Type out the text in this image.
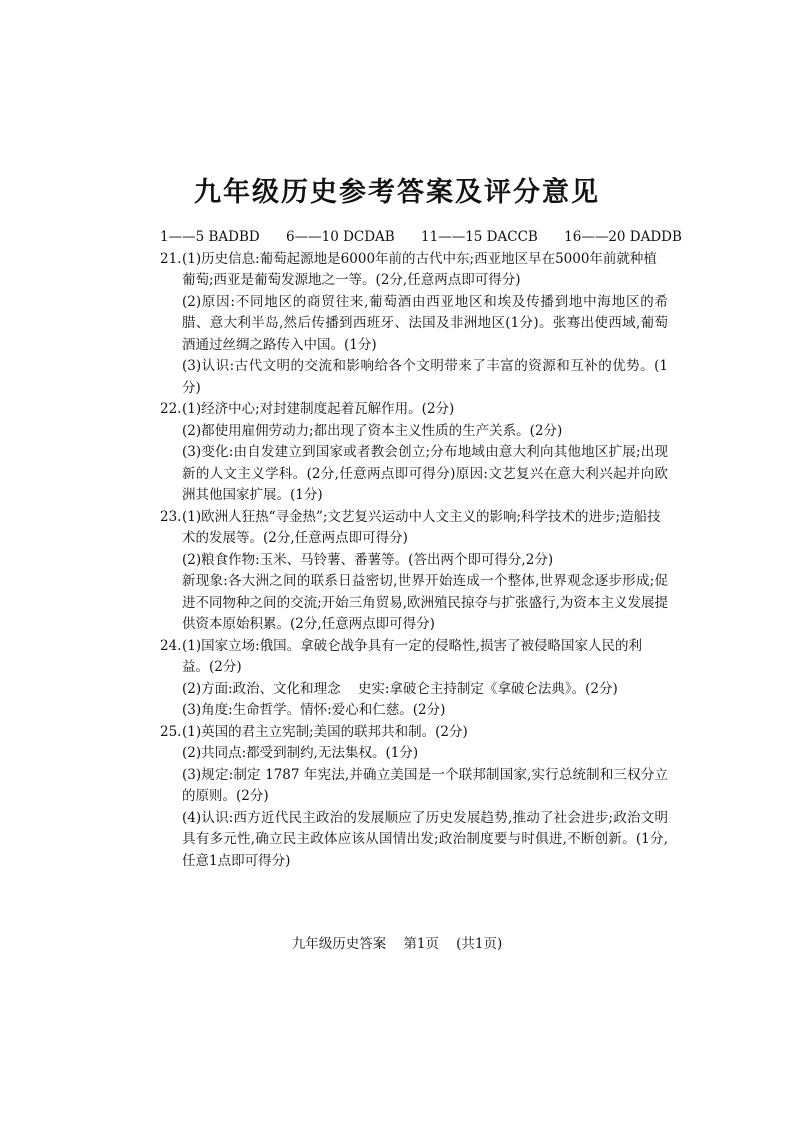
九年级历史参考答案及评分意见

1——5 BADBD 6——10 DCDAB 11——15 DACCB 16——20 DADDB

21. (1)历史信息:葡萄起源地是6000年前的古代中东;西亚地区早在5000年前就种植葡萄;西亚是葡萄发源地之一等。(2分,任意两点即可得分)

(2)原因:不同地区的商贸往来,葡萄酒由西亚地区和埃及传播到地中海地区的希腊、意大利半岛,然后传播到西班牙、法国及非洲地区(1分)。张骞出使西域,葡萄酒通过丝绸之路传入中国。(1分)

(3)认识:古代文明的交流和影响给各个文明带来了丰富的资源和互补的优势。(1分)

22. (1)经济中心;对封建制度起着瓦解作用。(2分)

(2)都使用雇佣劳动力;都出现了资本主义性质的生产关系。(2分)

(3)变化:由自发建立到国家或者教会创立;分布地域由意大利向其他地区扩展;出现新的人文主义学科。(2分,任意两点即可得分)原因:文艺复兴在意大利兴起并向欧洲其他国家扩展。(1分)

23. (1)欧洲人狂热“寻金热”;文艺复兴运动中人文主义的影响;科学技术的进步;造船技术的发展等。(2分,任意两点即可得分)

(2)粮食作物:玉米、马铃薯、番薯等。(答出两个即可得分,2分)

新现象:各大洲之间的联系日益密切,世界开始连成一个整体,世界观念逐步形成;促进不同物种之间的交流;开始三角贸易,欧洲殖民掠夺与扩张盛行,为资本主义发展提供资本原始积累。(2分,任意两点即可得分)

24. (1)国家立场:俄国。拿破仑战争具有一定的侵略性,损害了被侵略国家人民的利益。(2分)

(2)方面:政治、文化和理念    史实:拿破仑主持制定《拿破仑法典》。(2分)

(3)角度:生命哲学。情怀:爱心和仁慈。(2分)

25. (1)英国的君主立宪制;美国的联邦共和制。(2分)

(2)共同点:都受到制约,无法集权。(1分)

(3)规定:制定 1787 年宪法,并确立美国是一个联邦制国家,实行总统制和三权分立的原则。(2分)

(4)认识:西方近代民主政治的发展顺应了历史发展趋势,推动了社会进步;政治文明具有多元性,确立民主政体应该从国情出发;政治制度要与时俱进,不断创新。(1分,任意1点即可得分)

九年级历史答案    第1页    (共1页)
